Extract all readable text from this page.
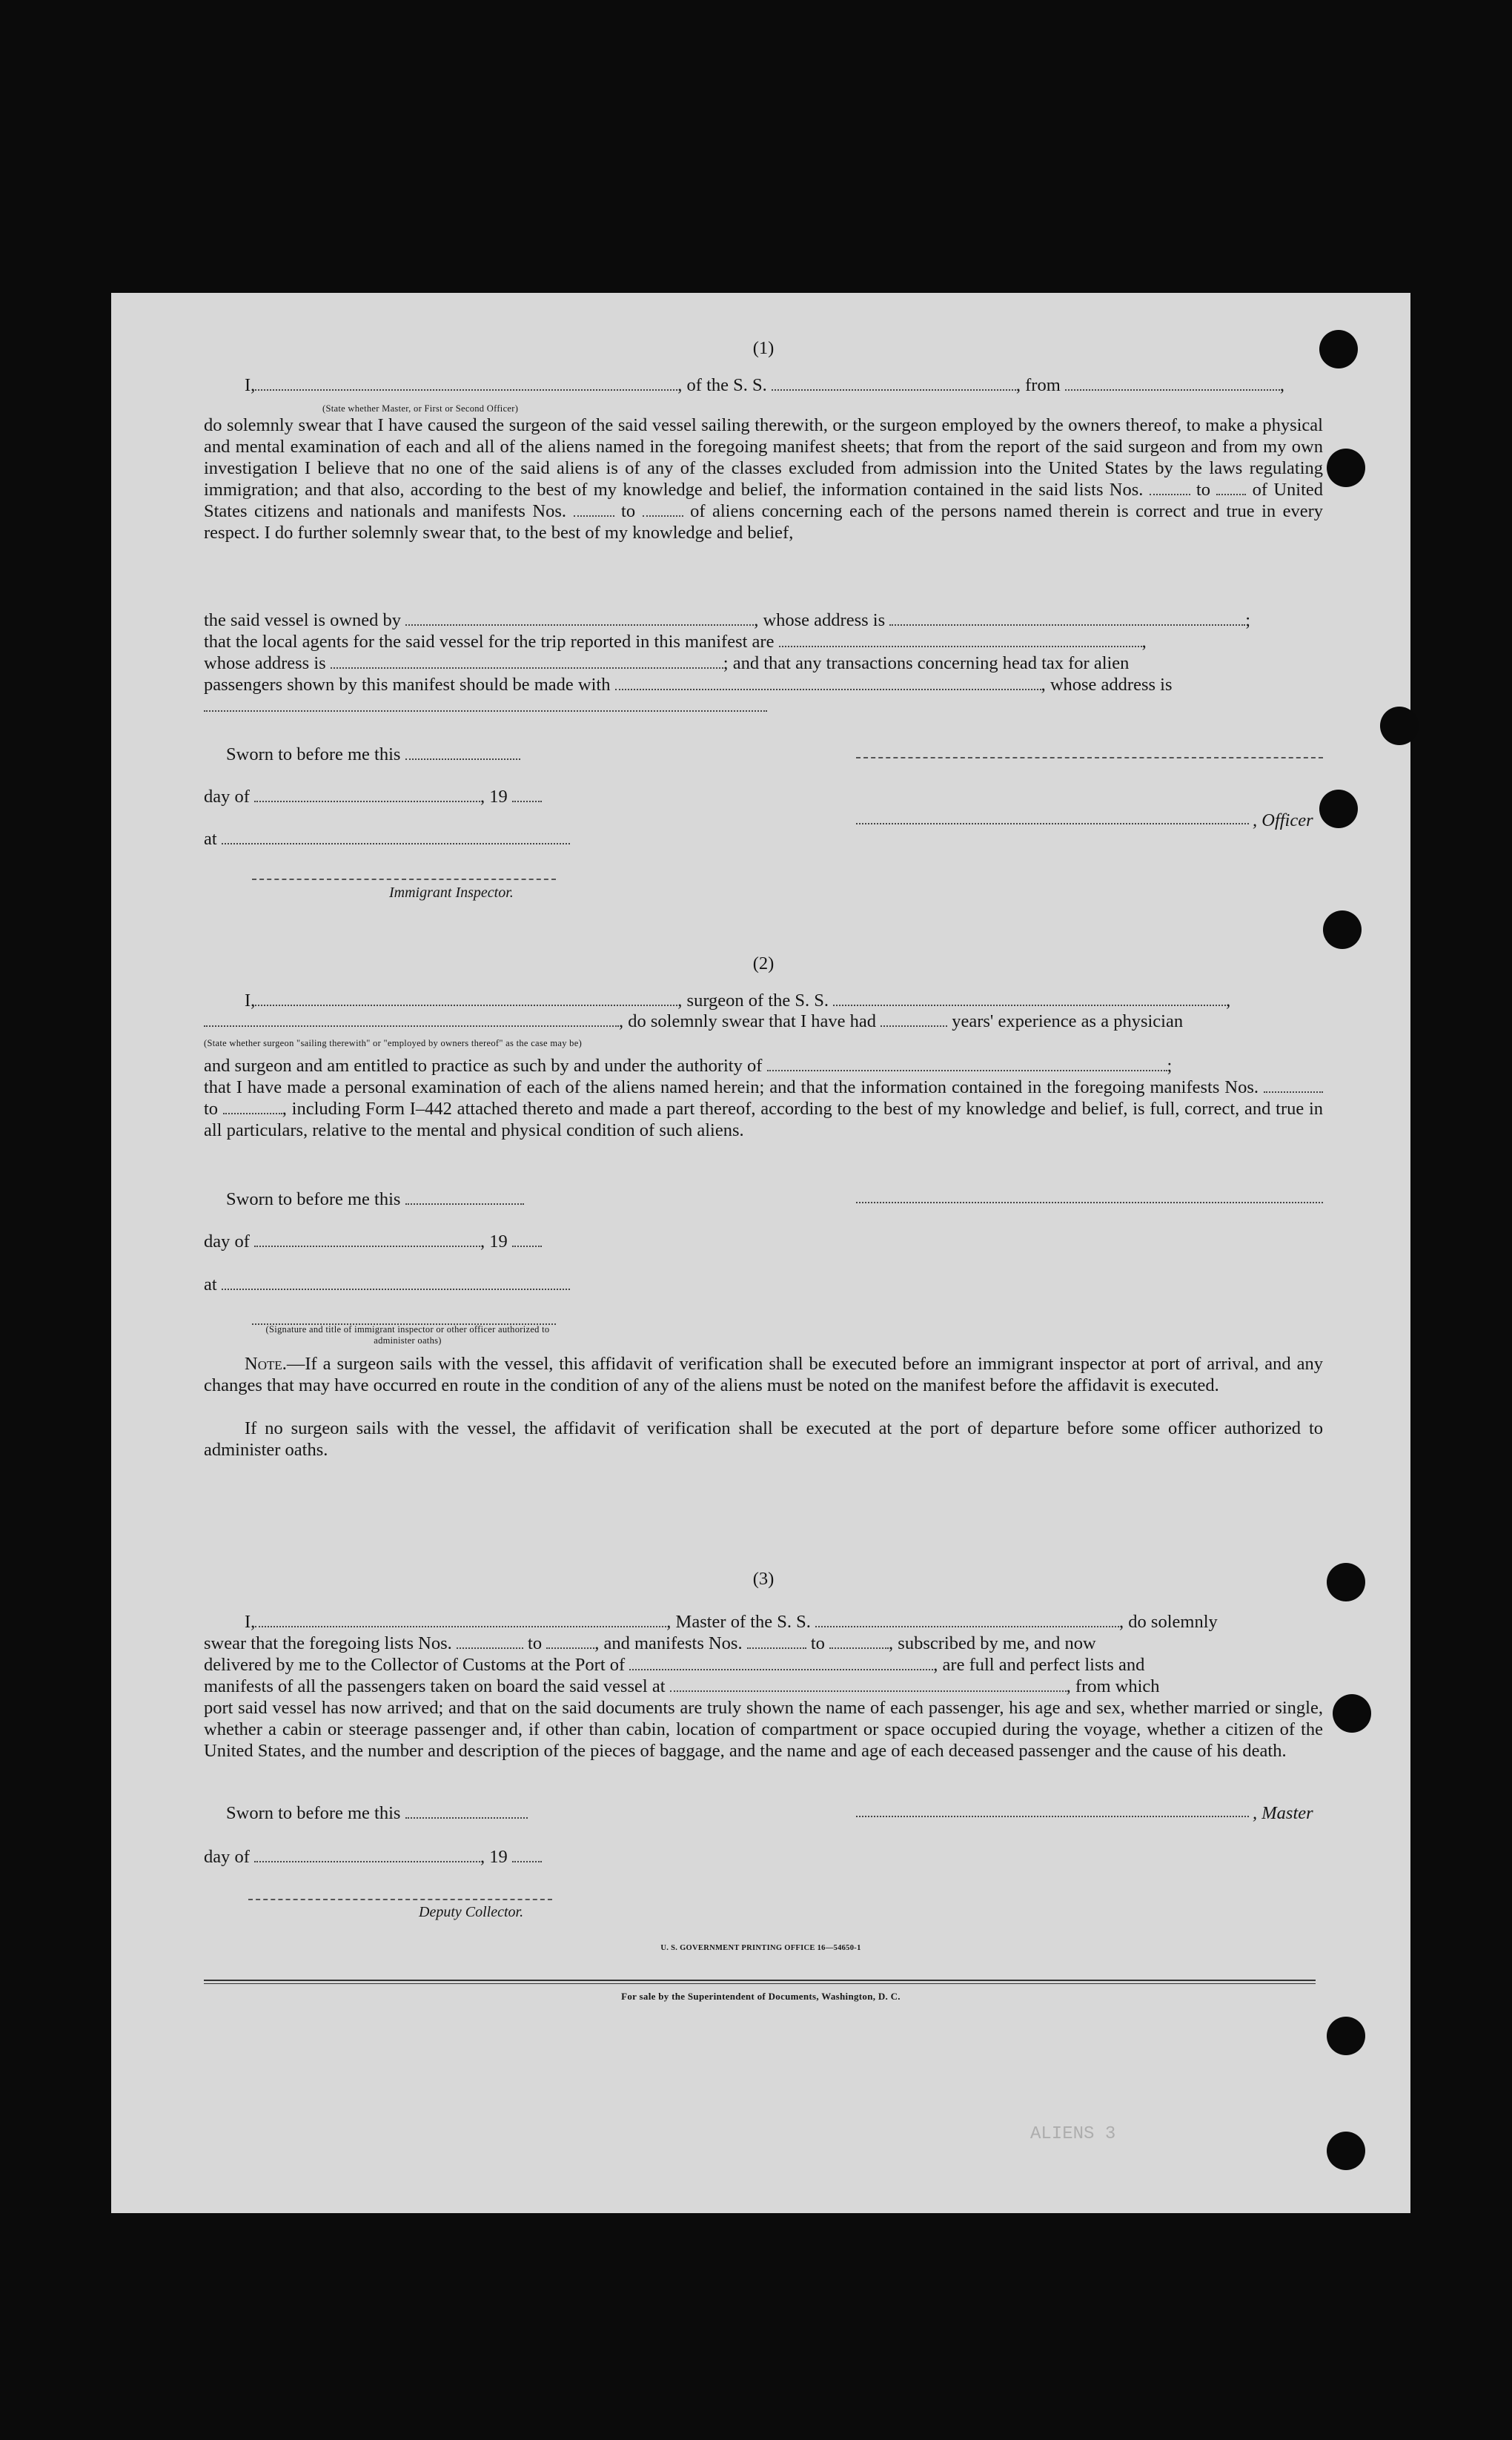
(1)
I,	, of the S. S.	, from	,
(State whether Master, or First or Second Officer)
do solemnly swear that I have caused the surgeon of the said vessel sailing therewith, or the surgeon employed by the owners thereof, to make a physical and mental examination of each and all of the aliens named in the foregoing manifest sheets; that from the report of the said surgeon and from my own investigation I believe that no one of the said aliens is of any of the classes excluded from admission into the United States by the laws regulating immigration; and that also, according to the best of my knowledge and belief, the information contained in the said lists Nos.	to of United States citizens and nationals and manifests Nos.	to	of aliens concerning each of the persons named therein is correct and true in every respect. I do further solemnly swear that, to the best of my knowledge and belief,
the said vessel is owned by	, whose address is	;
that the local agents for the said vessel for the trip reported in this manifest are	,
whose address is	; and that any transactions concerning head tax for alien
passengers shown by this manifest should be made with	, whose address is
Sworn to before me this
day of	, 19
, Officer
at
Immigrant Inspector.
(2)
I,	, surgeon of the S. S.	,
, do solemnly swear that I have had	years' experience as a physician
(State whether surgeon "sailing therewith" or "employed by owners thereof" as the case may be)
and surgeon and am entitled to practice as such by and under the authority of	;
that I have made a personal examination of each of the aliens named herein; and that the information contained in the foregoing manifests Nos.  to	, including Form I–442 attached thereto and made a part thereof, according to the best of my knowledge and belief, is full, correct, and true in all particulars, relative to the mental and physical condition of such aliens.
Sworn to before me this
day of	, 19
at
(Signature and title of immigrant inspector or other officer authorized to administer oaths)
Note.—If a surgeon sails with the vessel, this affidavit of verification shall be executed before an immigrant inspector at port of arrival, and any changes that may have occurred en route in the condition of any of the aliens must be noted on the manifest before the affidavit is executed.
If no surgeon sails with the vessel, the affidavit of verification shall be executed at the port of departure before some officer authorized to administer oaths.
(3)
I,	, Master of the S. S.	, do solemnly
swear that the foregoing lists Nos.	to	, and manifests Nos.	to	, subscribed by me, and now
delivered by me to the Collector of Customs at the Port of	, are full and perfect lists and
manifests of all the passengers taken on board the said vessel at	, from which
port said vessel has now arrived; and that on the said documents are truly shown the name of each passenger, his age and sex, whether married or single, whether a cabin or steerage passenger and, if other than cabin, location of compartment or space occupied during the voyage, whether a citizen of the United States, and the number and description of the pieces of baggage, and the name and age of each deceased passenger and the cause of his death.
Sworn to before me this	, Master
day of	, 19
Deputy Collector.
U. S. GOVERNMENT PRINTING OFFICE 16—54650-1
For sale by the Superintendent of Documents, Washington, D. C.
ALIENS 3
